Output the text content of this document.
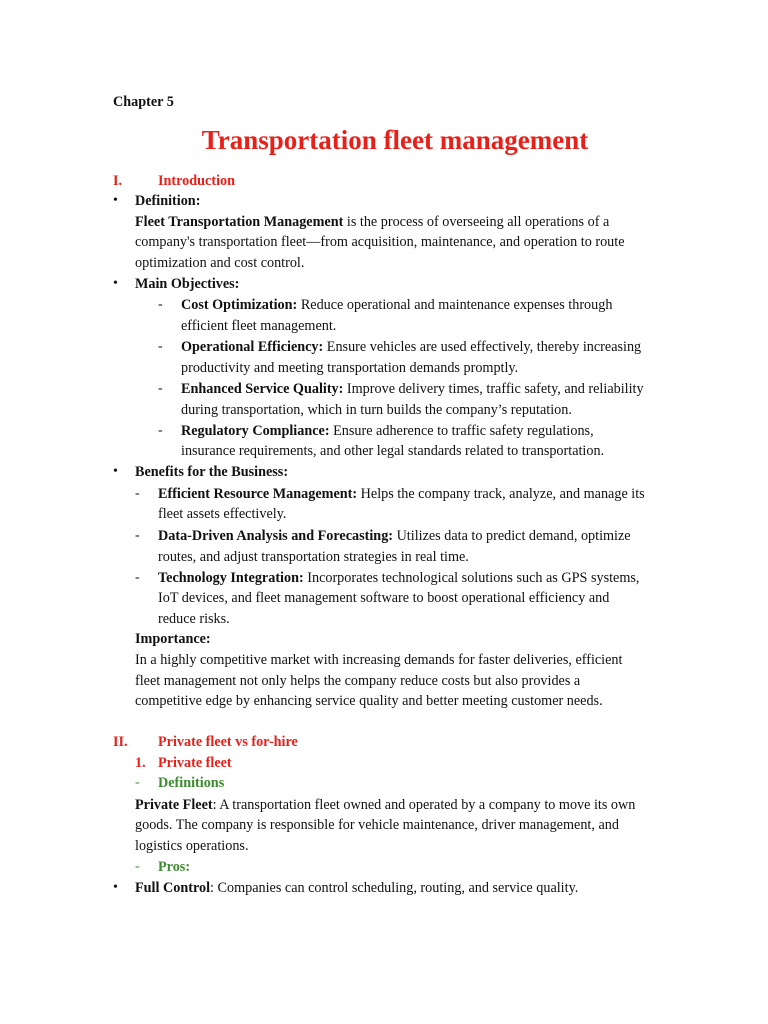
Chapter 5
Transportation fleet management
I.	Introduction
• Definition:
Fleet Transportation Management is the process of overseeing all operations of a
company's transportation fleet—from acquisition, maintenance, and operation to route
optimization and cost control.
• Main Objectives:
- Cost Optimization: Reduce operational and maintenance expenses through
efficient fleet management.
- Operational Efficiency: Ensure vehicles are used effectively, thereby increasing
productivity and meeting transportation demands promptly.
- Enhanced Service Quality: Improve delivery times, traffic safety, and reliability
during transportation, which in turn builds the company’s reputation.
- Regulatory Compliance: Ensure adherence to traffic safety regulations,
insurance requirements, and other legal standards related to transportation.
• Benefits for the Business:
- Efficient Resource Management: Helps the company track, analyze, and manage its
fleet assets effectively.
- Data-Driven Analysis and Forecasting: Utilizes data to predict demand, optimize
routes, and adjust transportation strategies in real time.
- Technology Integration: Incorporates technological solutions such as GPS systems,
IoT devices, and fleet management software to boost operational efficiency and
reduce risks.
Importance:
In a highly competitive market with increasing demands for faster deliveries, efficient
fleet management not only helps the company reduce costs but also provides a
competitive edge by enhancing service quality and better meeting customer needs.
II. Private fleet vs for-hire
1. Private fleet
- Definitions
Private Fleet: A transportation fleet owned and operated by a company to move its own
goods. The company is responsible for vehicle maintenance, driver management, and
logistics operations.
- Pros:
• Full Control: Companies can control scheduling, routing, and service quality.
